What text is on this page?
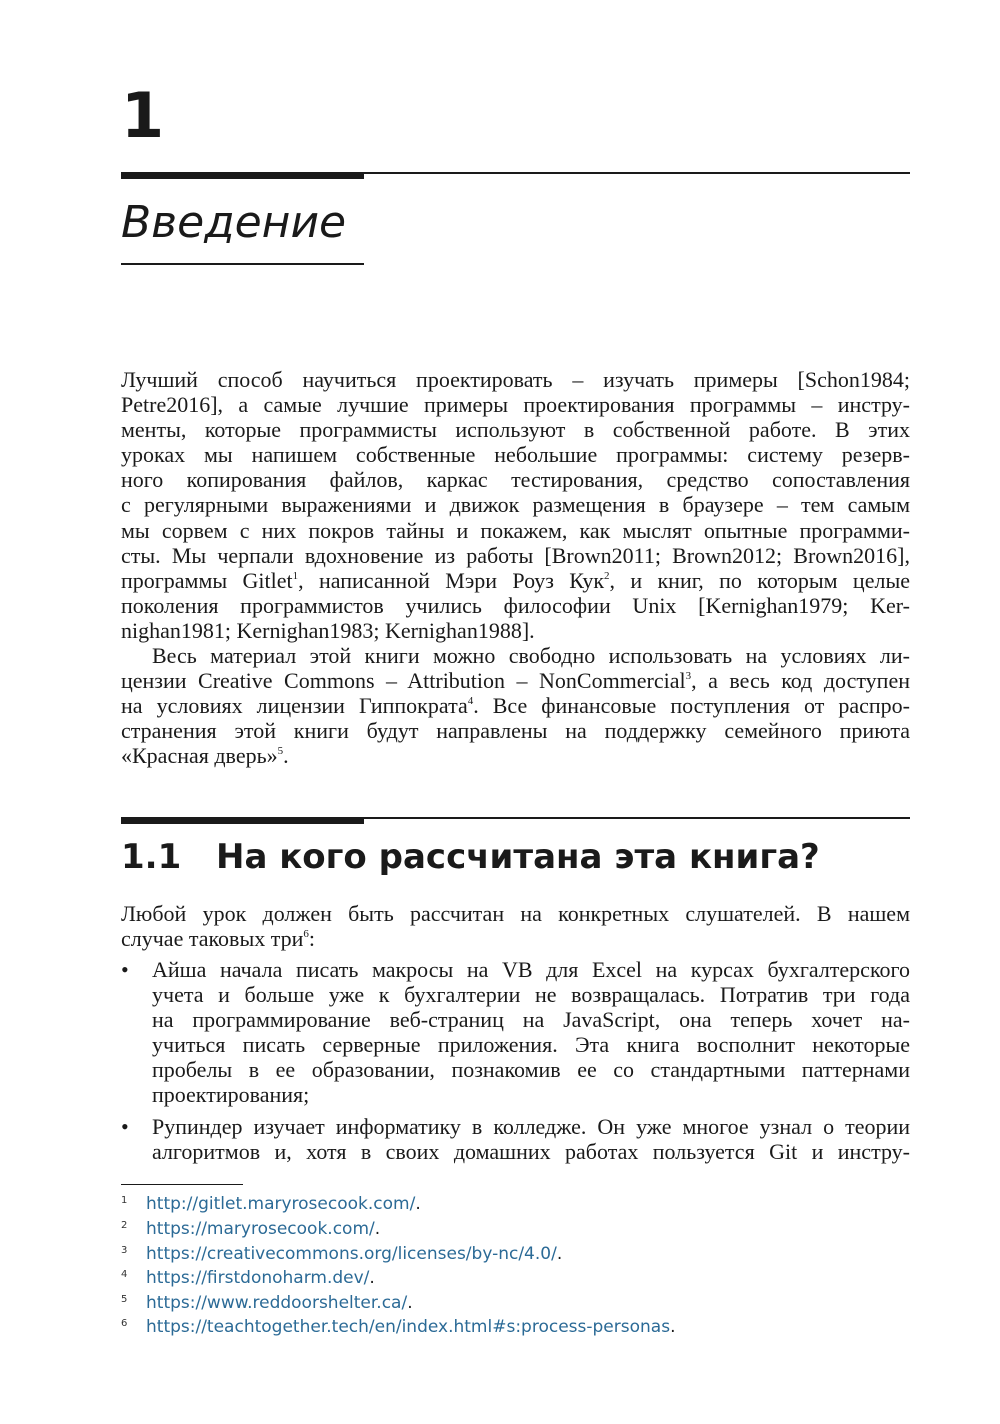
1
Введение
Лучший способ научиться проектировать – изучать примеры [Schon1984;
Petre2016], а самые лучшие примеры проектирования программы – инстру-
менты, которые программисты используют в собственной работе. В этих
уроках мы напишем собственные небольшие программы: систему резерв-
ного копирования файлов, каркас тестирования, средство сопоставления
с регулярными выражениями и движок размещения в браузере – тем самым
мы сорвем с них покров тайны и покажем, как мыслят опытные программи-
сты. Мы черпали вдохновение из работы [Brown2011; Brown2012; Brown2016],
программы Gitlet$^1$, написанной Мэри Роуз Кук$^2$, и книг, по которым целые
поколения программистов учились философии Unix [Kernighan1979; Ker-
nighan1981; Kernighan1983; Kernighan1988].
Весь материал этой книги можно свободно использовать на условиях ли-
цензии Creative Commons – Attribution – NonCommercial$^3$, а весь код доступен
на условиях лицензии Гиппократа$^4$. Все финансовые поступления от распро-
странения этой книги будут направлены на поддержку семейного приюта
«Красная дверь»$^5$.
1.1 На кого рассчитана эта книга?
Любой урок должен быть рассчитан на конкретных слушателей. В нашем
случае таковых три$^6$:
•	Айша начала писать макросы на VB для Excel на курсах бухгалтерского
учета и больше уже к бухгалтерии не возвращалась. Потратив три года
на программирование веб-страниц на JavaScript, она теперь хочет на-
учиться писать серверные приложения. Эта книга восполнит некоторые
пробелы в ее образовании, познакомив ее со стандартными паттернами
проектирования;
•	Рупиндер изучает информатику в колледже. Он уже многое узнал о теории
алгоритмов и, хотя в своих домашних работах пользуется Git и инстру-
1 http://gitlet.maryrosecook.com/.
2 https://maryrosecook.com/.
3 https://creativecommons.org/licenses/by-nc/4.0/.
4 https://firstdonoharm.dev/.
5 https://www.reddoorshelter.ca/.
6 https://teachtogether.tech/en/index.html#s:process-personas.
